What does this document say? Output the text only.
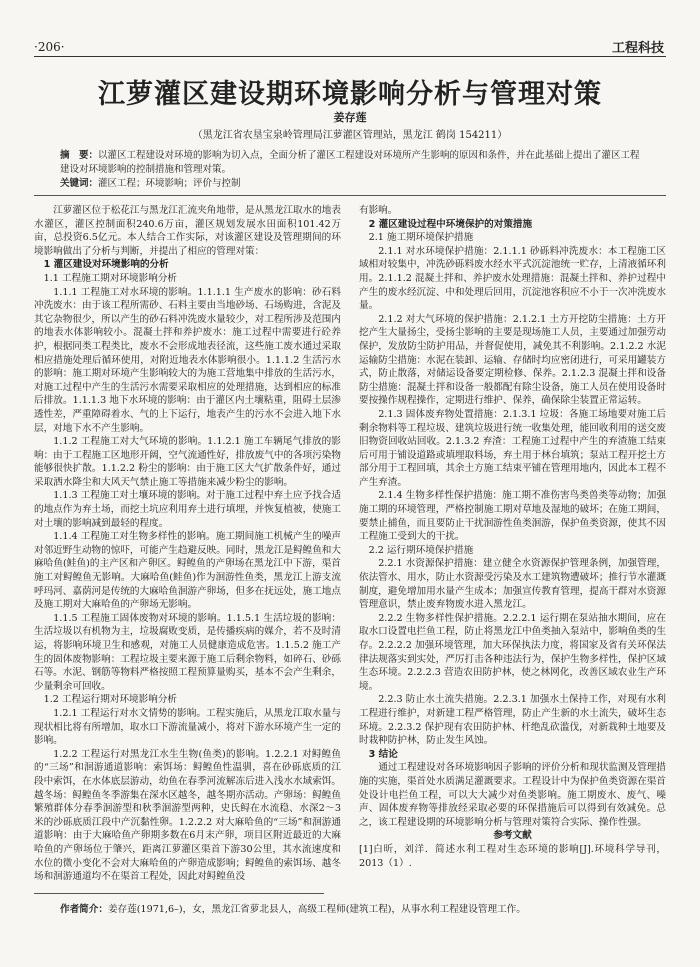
·206·	工程科技
江萝灌区建设期环境影响分析与管理对策
姜存莲
（黑龙江省农垦宝泉岭管理局江萝灌区管理站，黑龙江 鹤岗 154211）
摘　要：以灌区工程建设对环境的影响为切入点，全面分析了灌区工程建设对环境所产生影响的原因和条件，并在此基础上提出了灌区工程建设对环境影响的控制措施和管理对策。
关键词：灌区工程；环境影响；评价与控制

江萝灌区位于松花江与黑龙江汇流夹角地带，是从黑龙江取水的地表水灌区，灌区控制面积240.6万亩，灌区规划发展水田面积101.42万亩，总投资6.5亿元。本人结合工作实际，对该灌区建设及管理期间的环境影响做出了分析与判断，并提出了相应的管理对策：

1 灌区建设对环境影响的分析

1.1 工程施工期对环境影响分析

1.1.1 工程施工对水环境的影响。1.1.1.1 生产废水的影响：砂石料冲洗废水：由于该工程所需砂、石料主要由当地砂场、石场购进，含泥及其它杂物很少，所以产生的砂石料冲洗废水量较少，对工程所涉及范围内的地表水体影响较小。混凝土拌和养护废水：施工过程中需要进行砼养护，根据同类工程类比，废水不会形成地表径流，这些施工废水通过采取相应措施处理后循环使用，对附近地表水体影响很小。1.1.1.2 生活污水的影响：施工期对环境产生影响较大的为施工营地集中排放的生活污水，对施工过程中产生的生活污水需要采取相应的处理措施，达到相应的标准后排放。1.1.1.3 地下水环境的影响：由于灌区内土壤粘重，阻碍土层渗透性差，严重障碍着水、气的上下运行，地表产生的污水不会进入地下水层，对地下水不产生影响。

1.1.2 工程施工对大气环境的影响。1.1.2.1 施工车辆尾气排放的影响：由于工程施工区地形开阔，空气流通性好，排放废气中的各项污染物能够很快扩散。1.1.2.2 粉尘的影响：由于施工区大气扩散条件好，通过采取洒水降尘和大风天气禁止施工等措施来减少粉尘的影响。

1.1.3 工程施工对土壤环境的影响。对于施工过程中弃土应予找合适的地点作为弃土场，而挖土坑应利用弃土进行填埋，并恢复植被，使施工对土壤的影响减到最轻的程度。

1.1.4 工程施工对生物多样性的影响。施工期间施工机械产生的噪声对邻近野生动物的惊吓，可能产生趋避反映。同时，黑龙江是鲟鳇鱼和大麻哈鱼(鲑鱼)的主产区和产卵区。鲟鳇鱼的产卵场在黑龙江中下游，渠首施工对鲟鳇鱼无影响。大麻哈鱼(鲑鱼)作为洄游性鱼类，黑龙江上游支流呼玛河、嘉荫河是传统的大麻哈鱼洄游产卵场，但多在抚远处，施工地点及施工期对大麻哈鱼的产卵场无影响。

1.1.5 工程施工固体废物对环境的影响。1.1.5.1 生活垃圾的影响：生活垃圾以有机物为主，垃圾腐败变质，是传播疾病的媒介，若不及时清运，将影响环境卫生和感观，对施工人员健康造成危害。1.1.5.2 施工产生的固体废物影响：工程垃圾主要来源于施工后剩余物料，如碎石、砂砾石等。水泥、钢筋等物料严格按照工程预算量购买，基本不会产生剩余，少量剩余可回收。

1.2 工程运行期对环境影响分析

1.2.1 工程运行对水文情势的影响。工程实施后，从黑龙江取水量与现状相比将有所增加，取水口下游流量减小，将对下游水环境产生一定的影响。

1.2.2 工程运行对黑龙江水生生物(鱼类)的影响。1.2.2.1 对鲟鳇鱼的“三场”和洄游通道影响：索饵场：鲟鳇鱼性温驯，喜在砂砾底质的江段中索饵，在水体底层游动，幼鱼在春季河流解冻后进入浅水水域索饵。越冬场：鲟鳇鱼冬季游集在深水区越冬，越冬期亦活动。产卵场：鲟鳇鱼繁殖群体分春季洄游型和秋季洄游型两种，史氏鲟在水流稳、水深2～3米的沙砾底质江段中产沉黏性卵。1.2.2.2 对大麻哈鱼的“三场”和洄游通道影响：由于大麻哈鱼产卵期多数在6月末产卵，项目区附近最近的大麻哈鱼的产卵场位于肇兴，距离江萝灌区渠首下游30公里，其水流速度和水位的微小变化不会对大麻哈鱼的产卵造成影响；鲟鳇鱼的索饵场、越冬场和洄游通道均不在渠首工程处，因此对鲟鳇鱼没

有影响。

2 灌区建设过程中环境保护的对策措施

2.1 施工期环境保护措施

2.1.1 对水环境保护措施：2.1.1.1 砂砾料冲洗废水：本工程施工区域相对较集中，冲洗砂砾料废水经水平式沉淀池统一贮存，上清液循环利用。2.1.1.2 混凝土拌和、养护废水处理措施：混凝土拌和、养护过程中产生的废水经沉淀、中和处理后回用，沉淀池容积应不小于一次冲洗废水量。

2.1.2 对大气环境的保护措施：2.1.2.1 土方开挖防尘措施：土方开挖产生大量扬尘，受扬尘影响的主要是现场施工人员，主要通过加强劳动保护，发放防尘防护用品，并督促使用，减免其不利影响。2.1.2.2 水泥运输防尘措施：水泥在装卸、运输、存储时均应密闭进行，可采用罐装方式，防止散落，对储运设备要定期检修、保养。2.1.2.3 混凝土拌和设备防尘措施：混凝土拌和设备一般都配有除尘设备，施工人员在使用设备时要按操作规程操作，定期进行维护、保养，确保除尘装置正常运转。

2.1.3 固体废弃物处置措施：2.1.3.1 垃圾：各施工场地要对施工后剩余物料等工程垃圾、建筑垃圾进行统一收集处理，能回收利用的送交废旧物资回收站回收。2.1.3.2 弃渣：工程施工过程中产生的弃渣施工结束后可用于铺设道路或填埋取料场，弃土用于林台填筑；泵站工程开挖土方部分用于工程回填，其余土方施工结束平铺在管理用地内，因此本工程不产生弃渣。

2.1.4 生物多样性保护措施：施工期不准伤害鸟类兽类等动物；加强施工期的环境管理，严格控制施工期对草地及湿地的破坏；在施工期间，要禁止捕鱼，而且要防止干扰洄游性鱼类洄游，保护鱼类资源，使其不因工程施工受到大的干扰。

2.2 运行期环境保护措施

2.2.1 水资源保护措施：建立健全水资源保护管理条例，加强管理，依法管水、用水，防止水资源受污染及水工建筑物遭破坏；推行节水灌溉制度，避免增加用水量产生成本；加强宣传教育管理，提高干群对水资源管理意识，禁止废弃物废水进入黑龙江。

2.2.2 生物多样性保护措施。2.2.2.1 运行期在泵站抽水期间，应在取水口设置电拦鱼工程，防止将黑龙江中鱼类抽入泵站中，影响鱼类的生存。2.2.2.2 加强环境管理，加大环保执法力度，将国家及省有关环保法律法规落实到实处，严厉打击各种违法行为，保护生物多样性，保护区域生态环境。2.2.2.3 营造农田防护林，使之林网化，改善区域农业生产环境。

2.2.3 防止水土流失措施。2.2.3.1 加强水土保持工作，对现有水利工程进行维护，对新建工程严格管理，防止产生新的水土流失，破坏生态环境。2.2.3.2 保护现有农田防护林、杆绝乱砍滥伐，对新栽种土地要及时栽种防护林，防止发生风蚀。

3 结论

通过工程建设对各环境影响因子影响的评价分析和现状监测及管理措施的实施，渠首处水质满足灌溉要求。工程设计中为保护鱼类资源在渠首处设计电拦鱼工程，可以大大减少对鱼类影响。施工期废水、废气、噪声、固体废弃物等排放经采取必要的环保措施后可以得到有效减免。总之，该工程建设期的环境影响分析与管理对策符合实际、操作性强。

参考文献

[1]白昕，刘洋．简述水利工程对生态环境的影响[J].环境科学导刊，2013（1）.

作者简介：姜存莲(1971,6–)，女，黑龙江省萝北县人，高级工程师(建筑工程)，从事水利工程建设管理工作。
